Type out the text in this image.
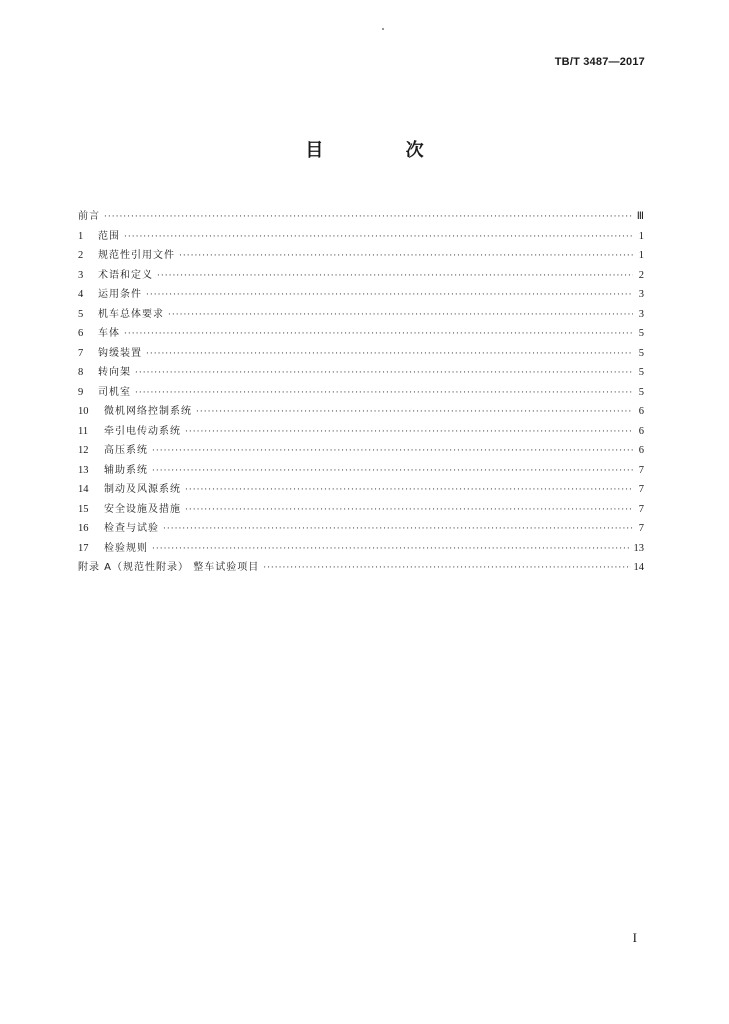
TB/T 3487—2017
目 次
前言 ·····	Ⅲ
1	范围 ·····	1
2	规范性引用文件 ·····	1
3	术语和定义 ·····	2
4	运用条件 ·····	3
5	机车总体要求 ·····	3
6	车体 ·····	5
7	钩缓装置 ·····	5
8	转向架 ·····	5
9	司机室 ·····	5
10	微机网络控制系统 ·····	6
11	牵引电传动系统 ·····	6
12	高压系统 ·····	6
13	辅助系统 ·····	7
14	制动及风源系统 ·····	7
15	安全设施及措施 ·····	7
16	检查与试验 ·····	7
17	检验规则 ·····	13
附录 A（规范性附录） 整车试验项目 ·····	14
I
